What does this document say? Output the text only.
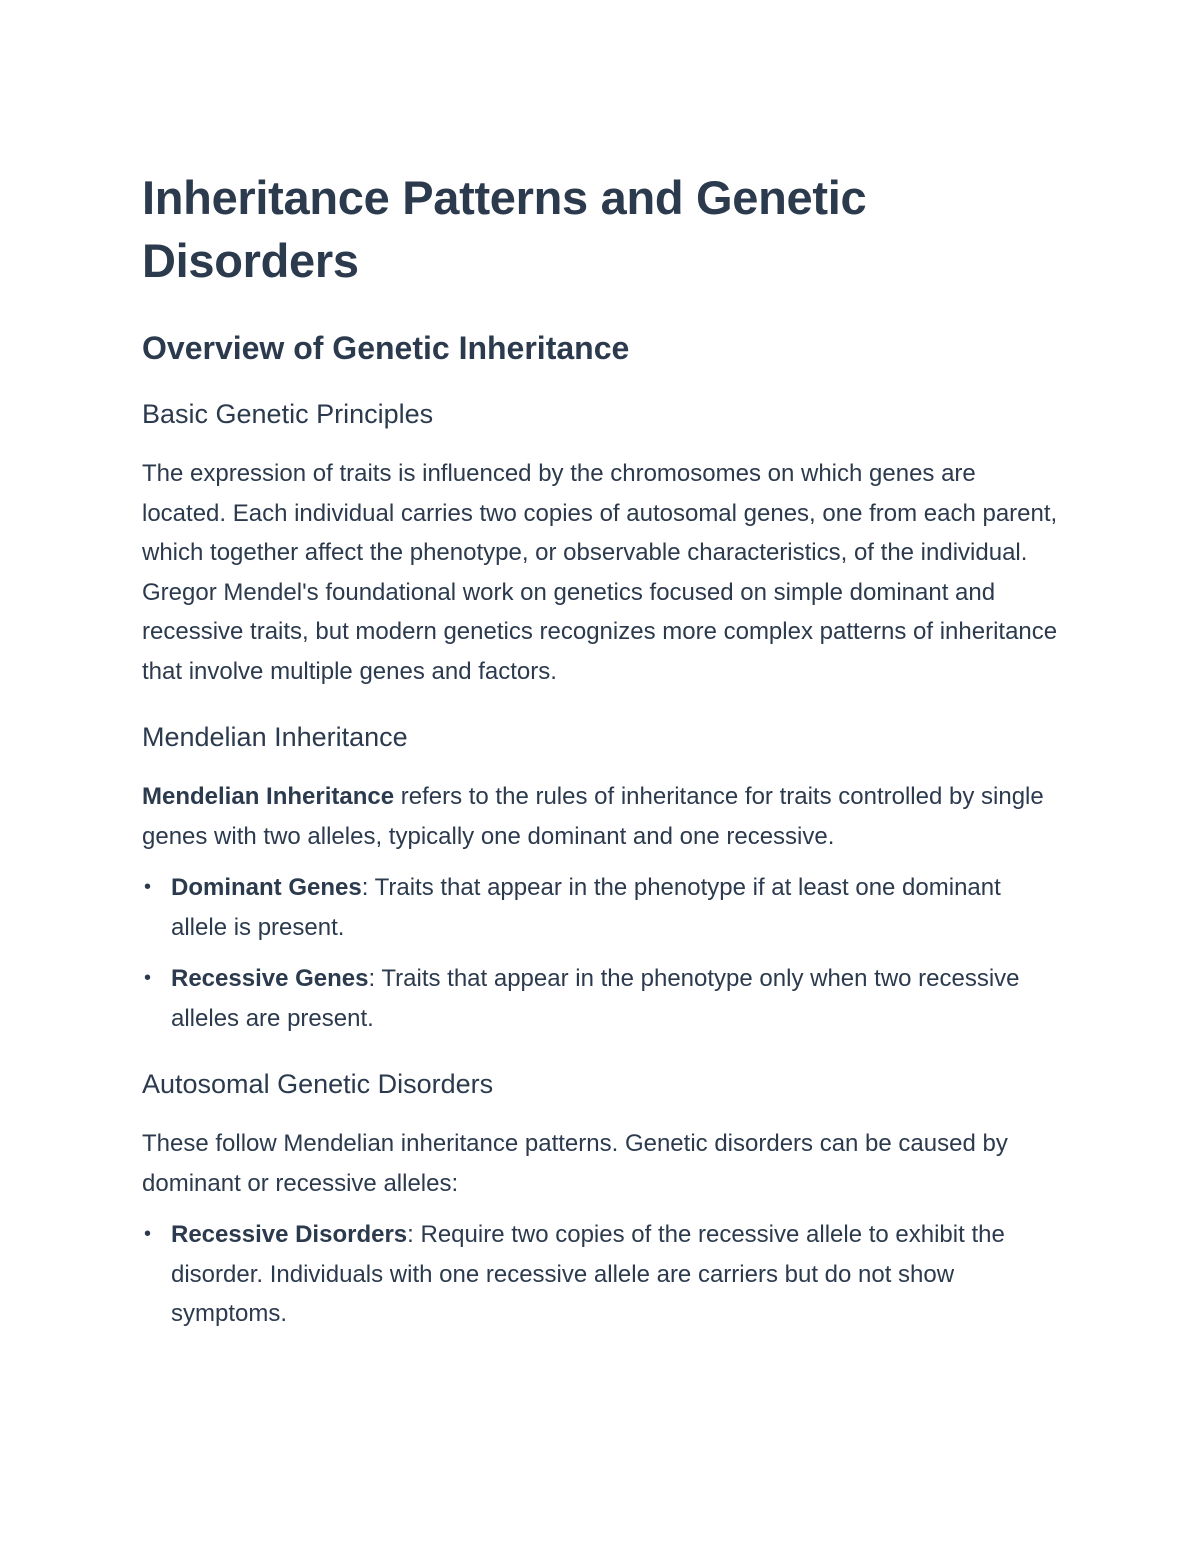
Inheritance Patterns and Genetic Disorders
Overview of Genetic Inheritance
Basic Genetic Principles

The expression of traits is influenced by the chromosomes on which genes are located. Each individual carries two copies of autosomal genes, one from each parent, which together affect the phenotype, or observable characteristics, of the individual. Gregor Mendel's foundational work on genetics focused on simple dominant and recessive traits, but modern genetics recognizes more complex patterns of inheritance that involve multiple genes and factors.

Mendelian Inheritance

Mendelian Inheritance refers to the rules of inheritance for traits controlled by single genes with two alleles, typically one dominant and one recessive.

• Dominant Genes: Traits that appear in the phenotype if at least one dominant allele is present.
• Recessive Genes: Traits that appear in the phenotype only when two recessive alleles are present.
Autosomal Genetic Disorders

These follow Mendelian inheritance patterns. Genetic disorders can be caused by dominant or recessive alleles:

• Recessive Disorders: Require two copies of the recessive allele to exhibit the disorder. Individuals with one recessive allele are carriers but do not show symptoms.
